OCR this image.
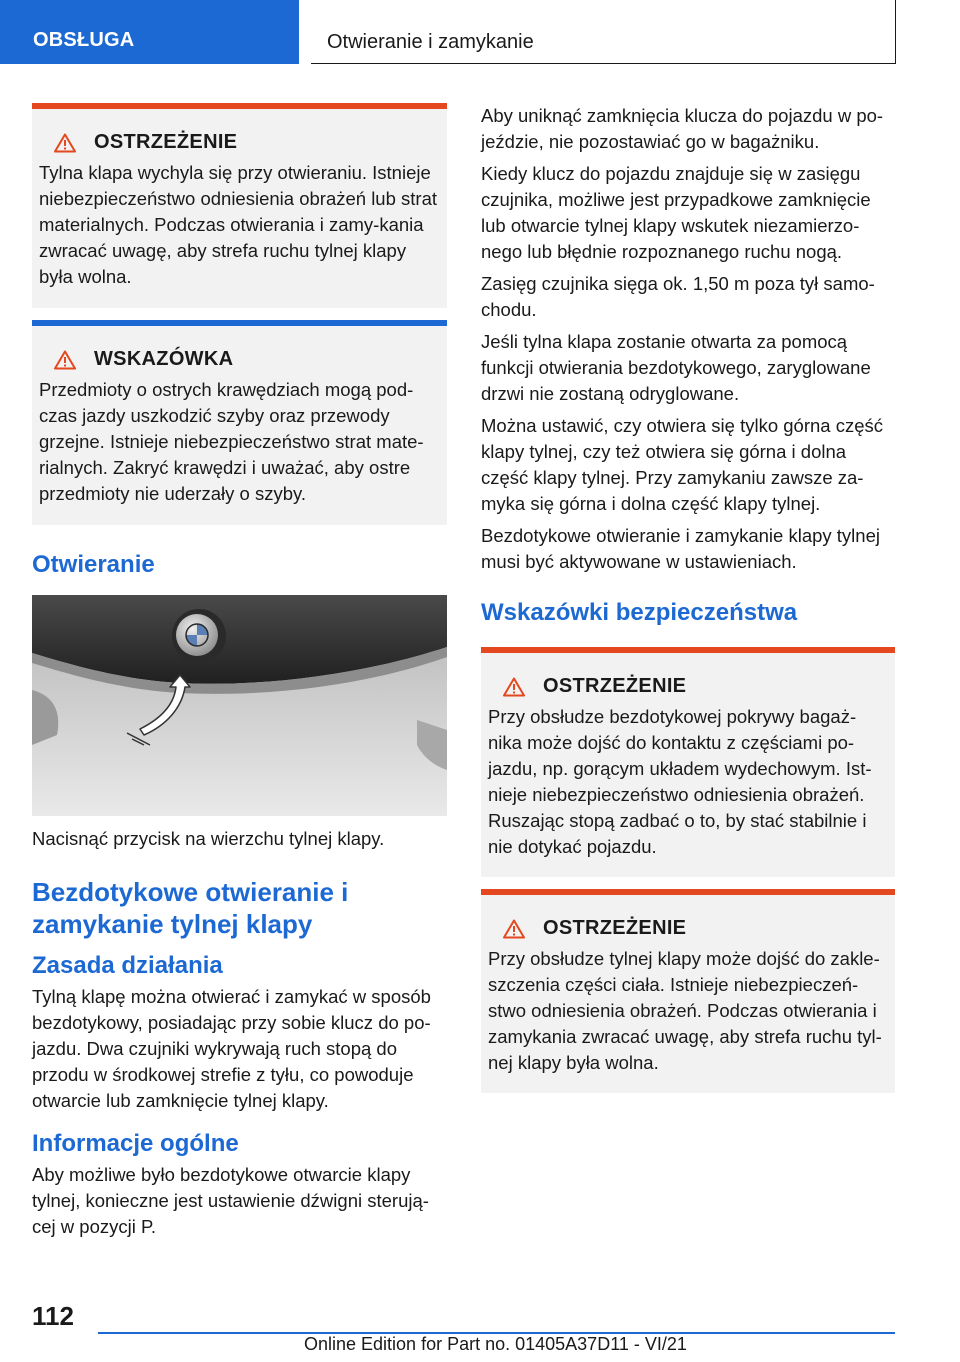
OBSŁUGA	Otwieranie i zamykanie
OSTRZEŻENIE
Tylna klapa wychyla się przy otwieraniu. Istnieje niebezpieczeństwo odniesienia obrażeń lub strat materialnych. Podczas otwierania i zamy-kania zwracać uwagę, aby strefa ruchu tylnej klapy była wolna.
WSKAZÓWKA
Przedmioty o ostrych krawędziach mogą pod-czas jazdy uszkodzić szyby oraz przewody grzejne. Istnieje niebezpieczeństwo strat mate-rialnych. Zakryć krawędzi i uważać, aby ostre przedmioty nie uderzały o szyby.
Otwieranie

Nacisnąć przycisk na wierzchu tylnej klapy.

Bezdotykowe otwieranie i zamykanie tylnej klapy
Zasada działania

Tylną klapę można otwierać i zamykać w sposób bezdotykowy, posiadając przy sobie klucz do po-jazdu. Dwa czujniki wykrywają ruch stopą do przodu w środkowej strefie z tyłu, co powoduje otwarcie lub zamknięcie tylnej klapy.

Informacje ogólne

Aby możliwe było bezdotykowe otwarcie klapy tylnej, konieczne jest ustawienie dźwigni sterują-cej w pozycji P.

Aby uniknąć zamknięcia klucza do pojazdu w po-jeździe, nie pozostawiać go w bagażniku.

Kiedy klucz do pojazdu znajduje się w zasięgu czujnika, możliwe jest przypadkowe zamknięcie lub otwarcie tylnej klapy wskutek niezamierzo-nego lub błędnie rozpoznanego ruchu nogą.

Zasięg czujnika sięga ok. 1,50 m poza tył samo-chodu.

Jeśli tylna klapa zostanie otwarta za pomocą funkcji otwierania bezdotykowego, zaryglowane drzwi nie zostaną odryglowane.

Można ustawić, czy otwiera się tylko górna część klapy tylnej, czy też otwiera się górna i dolna część klapy tylnej. Przy zamykaniu zawsze za-myka się górna i dolna część klapy tylnej.

Bezdotykowe otwieranie i zamykanie klapy tylnej musi być aktywowane w ustawieniach.

Wskazówki bezpieczeństwa
OSTRZEŻENIE
Przy obsłudze bezdotykowej pokrywy bagaż-nika może dojść do kontaktu z częściami po-jazdu, np. gorącym układem wydechowym. Ist-nieje niebezpieczeństwo odniesienia obrażeń. Ruszając stopą zadbać o to, by stać stabilnie i nie dotykać pojazdu.
OSTRZEŻENIE
Przy obsłudze tylnej klapy może dojść do zakle-szczenia części ciała. Istnieje niebezpieczeń-stwo odniesienia obrażeń. Podczas otwierania i zamykania zwracać uwagę, aby strefa ruchu tyl-nej klapy była wolna.
112
Online Edition for Part no. 01405A37D11 - VI/21
